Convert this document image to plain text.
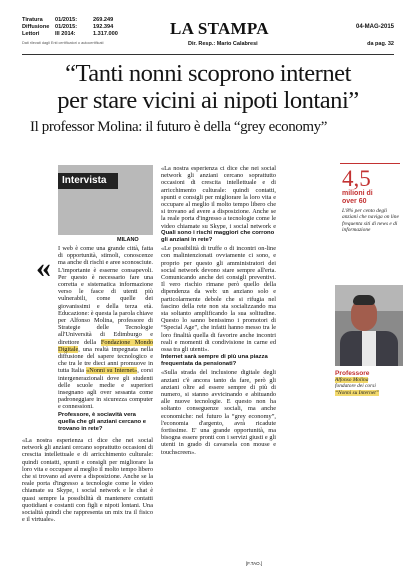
Tiratura	01/2015:	269.249
Diffusione	01/2015:	192.394
Lettori	III 2014:	1.317.000
Dati rilevati dagli Enti certificatori o autocertificati
LA STAMPA	04-MAG-2015
Dir. Resp.: Mario Calabresi	da pag. 32
“Tanti nonni scoprono internet
per stare vicini ai nipoti lontani”
Il professor Molina: il futuro è della “grey economy”
Intervista
MILANO
«

I web è come una grande città, fatta di opportunità, stimoli, conoscenze ma anche di rischi e aree sconosciute. L'importante è esserne consapevoli. Per questo è necessario fare una corretta e sistematica informazione verso le fasce di utenti più vulnerabili, come quelle dei giovanissimi e della terza età. Educazione: è questa la parola chiave per Alfonso Molina, professore di Strategie delle Tecnologie all'Università di Edimburgo e direttore della Fondazione Mondo Digitale, una realtà impegnata nella diffusione del sapere tecnologico e che tra le tre dieci anni promuove in tutta Italia «Nonni su Internet», corsi intergenerazionali dove gli studenti delle scuole medie e superiori insegnano agli over sessanta come padroneggiare in sicurezza computer e connessioni.

Professore, è sociavità vera quella che gli anziani cercano e trovano in rete?

«La nostra esperienza ci dice che nei social network gli anziani cercano soprattutto occasioni di crescita intellettuale e di arricchimento culturale: quindi contatti, spunti e consigli per migliorare la loro vita e occupare al meglio il molto tempo libero che si trovano ad avere a disposizione. Anche se la reale porta d'ingresso a tecnologie come le video chiamate su Skype, i social network e le chat è quasi sempre la possibilità di mantenere contatti quotidiani e costanti con figli e nipoti lontani. Una socialità quindi che rappresenta un mix tra il fisico e il virtuale».

«La nostra esperienza ci dice che nei social network gli anziani cercano soprattutto occasioni di crescita intellettuale e di arricchimento culturale: quindi contatti, spunti e consigli per migliorare la loro vita e occupare al meglio il molto tempo libero che si trovano ad avere a disposizione. Anche se la reale porta d'ingresso a tecnologie come le video chiamate su Skype, i social network e

Quali sono i rischi maggiori che corrono gli anziani in rete?

«Le possibilità di truffe o di incontri on-line con malintenzionati ovviamente ci sono, e proprio per questo gli amministratori dei social network devono stare sempre all'erta. Comunicando anche dei consigli preventivi. Il vero rischio rimane però quello della dipendenza da web: un anziano solo e particolarmente debole che si rifugia nel fascino della rete non sta socializzando ma sta soltanto amplificando la sua solitudine. Questo lo sanno benissimo i promotori di “Special Age”, che infatti hanno messo tra le loro finalità quella di favorire anche incontri reali e momenti di condivisione in carne ed ossa tra gli utenti».

Internet sarà sempre di più una piazza frequentata da pensionati?

«Sulla strada del inclusione digitale degli anziani c'è ancora tanto da fare, però gli anziani oltre ad essere sempre di più di numero, si stanno avvicinando e abituando alle nuove tecnologie. E questo non ha soltanto conseguenze sociali, ma anche economiche: nel futuro la “grey economy”, l'economia d'argento, avrà ricadute fortissime. E' una grande opportunità, ma bisogna essere pronti con i servizi giusti e gli utenti in grado di cavarsela con mouse e touchscreen».

[F.TAO.]
4,5
milioni di
over 60
L'8% per cento degli anziani che naviga on line frequenta siti di news e di informazione
Professore
Alfonso Molina
fondatore dei corsi
“Nonni su Internet”
